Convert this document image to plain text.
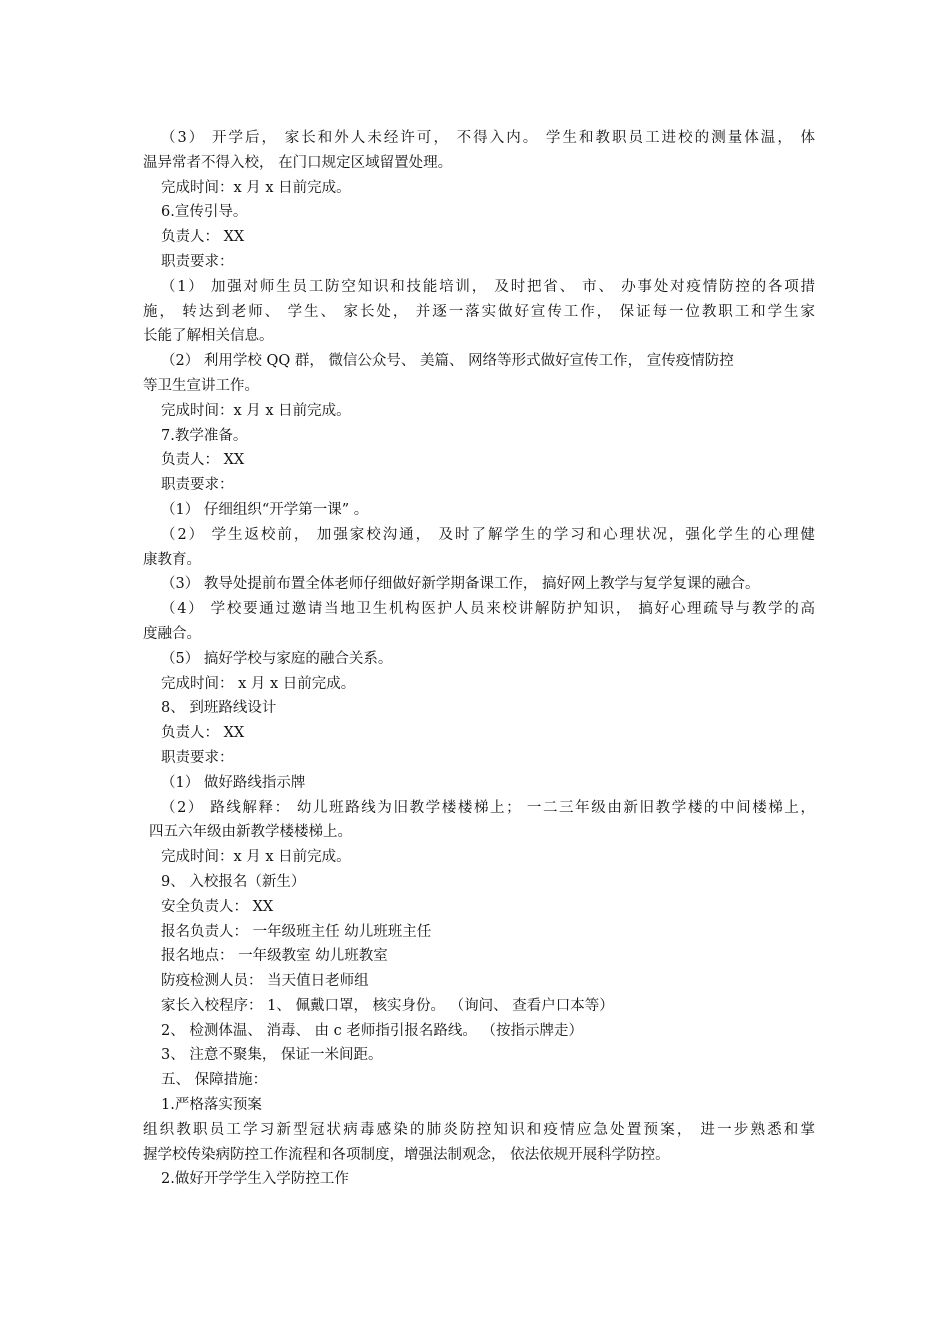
（3） 开学后， 家长和外人未经许可， 不得入内。 学生和教职员工进校的测量体温， 体
温异常者不得入校， 在门口规定区域留置处理。
完成时间：x 月 x 日前完成。
6.宣传引导。
负责人： XX
职责要求：
（1） 加强对师生员工防空知识和技能培训， 及时把省、 市、 办事处对疫情防控的各项措
施， 转达到老师、 学生、 家长处， 并逐一落实做好宣传工作， 保证每一位教职工和学生家
长能了解相关信息。
（2） 利用学校 QQ 群， 微信公众号、 美篇、 网络等形式做好宣传工作， 宣传疫情防控
等卫生宣讲工作。
完成时间：x 月 x 日前完成。
7.教学准备。
负责人： XX
职责要求：
（1） 仔细组织“开学第一课” 。
（2） 学生返校前， 加强家校沟通， 及时了解学生的学习和心理状况，强化学生的心理健
康教育。
（3） 教导处提前布置全体老师仔细做好新学期备课工作， 搞好网上教学与复学复课的融合。
（4） 学校要通过邀请当地卫生机构医护人员来校讲解防护知识， 搞好心理疏导与教学的高
度融合。
（5） 搞好学校与家庭的融合关系。
完成时间： x 月 x 日前完成。
8、 到班路线设计
负责人： XX
职责要求：
（1） 做好路线指示牌
（2） 路线解释： 幼儿班路线为旧教学楼楼梯上； 一二三年级由新旧教学楼的中间楼梯上，
四五六年级由新教学楼楼梯上。
完成时间：x 月 x 日前完成。
9、 入校报名（新生）
安全负责人： XX
报名负责人： 一年级班主任 幼儿班班主任
报名地点： 一年级教室 幼儿班教室
防疫检测人员： 当天值日老师组
家长入校程序： 1、 佩戴口罩， 核实身份。 （询问、 查看户口本等）
2、 检测体温、 消毒、 由 c 老师指引报名路线。 （按指示牌走）
3、 注意不聚集， 保证一米间距。
五、 保障措施：
1.严格落实预案
组织教职员工学习新型冠状病毒感染的肺炎防控知识和疫情应急处置预案， 进一步熟悉和掌
握学校传染病防控工作流程和各项制度，增强法制观念， 依法依规开展科学防控。
2.做好开学学生入学防控工作
